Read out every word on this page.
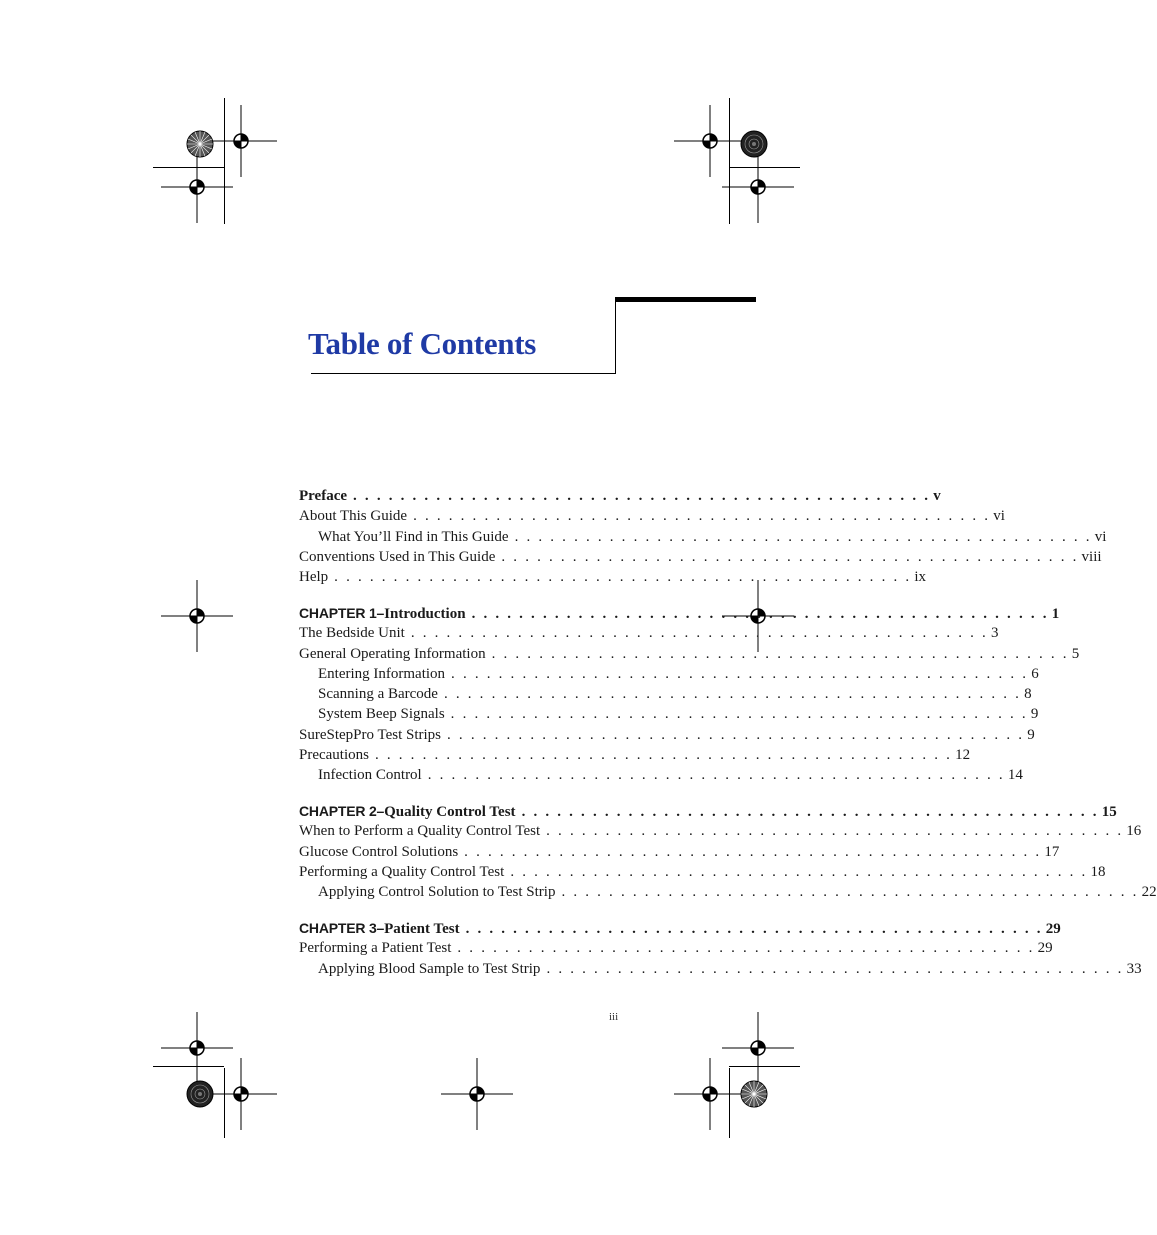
Table of Contents
Preface . . . . . . . . . . . . . . . . . . . . . . . . . . . . . . . . . . . . . . . . . . . . . . . . . v
About This Guide . . . . . . . . . . . . . . . . . . . . . . . . . . . . . . . . . . . . . . . . . . . . . . . . . vi
What You’ll Find in This Guide . . . . . . . . . . . . . . . . . . . . . . . . . . . . . . . . . . . . . . . . . . . . . . . . . vi
Conventions Used in This Guide . . . . . . . . . . . . . . . . . . . . . . . . . . . . . . . . . . . . . . . . . . . . . . . . . viii
Help . . . . . . . . . . . . . . . . . . . . . . . . . . . . . . . . . . . . . . . . . . . . . . . . . ix
CHAPTER 1–Introduction . . . . . . . . . . . . . . . . . . . . . . . . . . . . . . . . . . . . . . . . . . . . . . . . . 1
The Bedside Unit . . . . . . . . . . . . . . . . . . . . . . . . . . . . . . . . . . . . . . . . . . . . . . . . . 3
General Operating Information . . . . . . . . . . . . . . . . . . . . . . . . . . . . . . . . . . . . . . . . . . . . . . . . . 5
Entering Information . . . . . . . . . . . . . . . . . . . . . . . . . . . . . . . . . . . . . . . . . . . . . . . . . 6
Scanning a Barcode . . . . . . . . . . . . . . . . . . . . . . . . . . . . . . . . . . . . . . . . . . . . . . . . . 8
System Beep Signals . . . . . . . . . . . . . . . . . . . . . . . . . . . . . . . . . . . . . . . . . . . . . . . . . 9
SureStepPro Test Strips . . . . . . . . . . . . . . . . . . . . . . . . . . . . . . . . . . . . . . . . . . . . . . . . . 9
Precautions . . . . . . . . . . . . . . . . . . . . . . . . . . . . . . . . . . . . . . . . . . . . . . . . . 12
Infection Control . . . . . . . . . . . . . . . . . . . . . . . . . . . . . . . . . . . . . . . . . . . . . . . . . 14
CHAPTER 2–Quality Control Test . . . . . . . . . . . . . . . . . . . . . . . . . . . . . . . . . . . . . . . . . . . . . . . . . 15
When to Perform a Quality Control Test . . . . . . . . . . . . . . . . . . . . . . . . . . . . . . . . . . . . . . . . . . . . . . . . . 16
Glucose Control Solutions . . . . . . . . . . . . . . . . . . . . . . . . . . . . . . . . . . . . . . . . . . . . . . . . . 17
Performing a Quality Control Test . . . . . . . . . . . . . . . . . . . . . . . . . . . . . . . . . . . . . . . . . . . . . . . . . 18
Applying Control Solution to Test Strip . . . . . . . . . . . . . . . . . . . . . . . . . . . . . . . . . . . . . . . . . . . . . . . . . 22
CHAPTER 3–Patient Test . . . . . . . . . . . . . . . . . . . . . . . . . . . . . . . . . . . . . . . . . . . . . . . . . 29
Performing a Patient Test . . . . . . . . . . . . . . . . . . . . . . . . . . . . . . . . . . . . . . . . . . . . . . . . . 29
Applying Blood Sample to Test Strip . . . . . . . . . . . . . . . . . . . . . . . . . . . . . . . . . . . . . . . . . . . . . . . . . 33
iii
